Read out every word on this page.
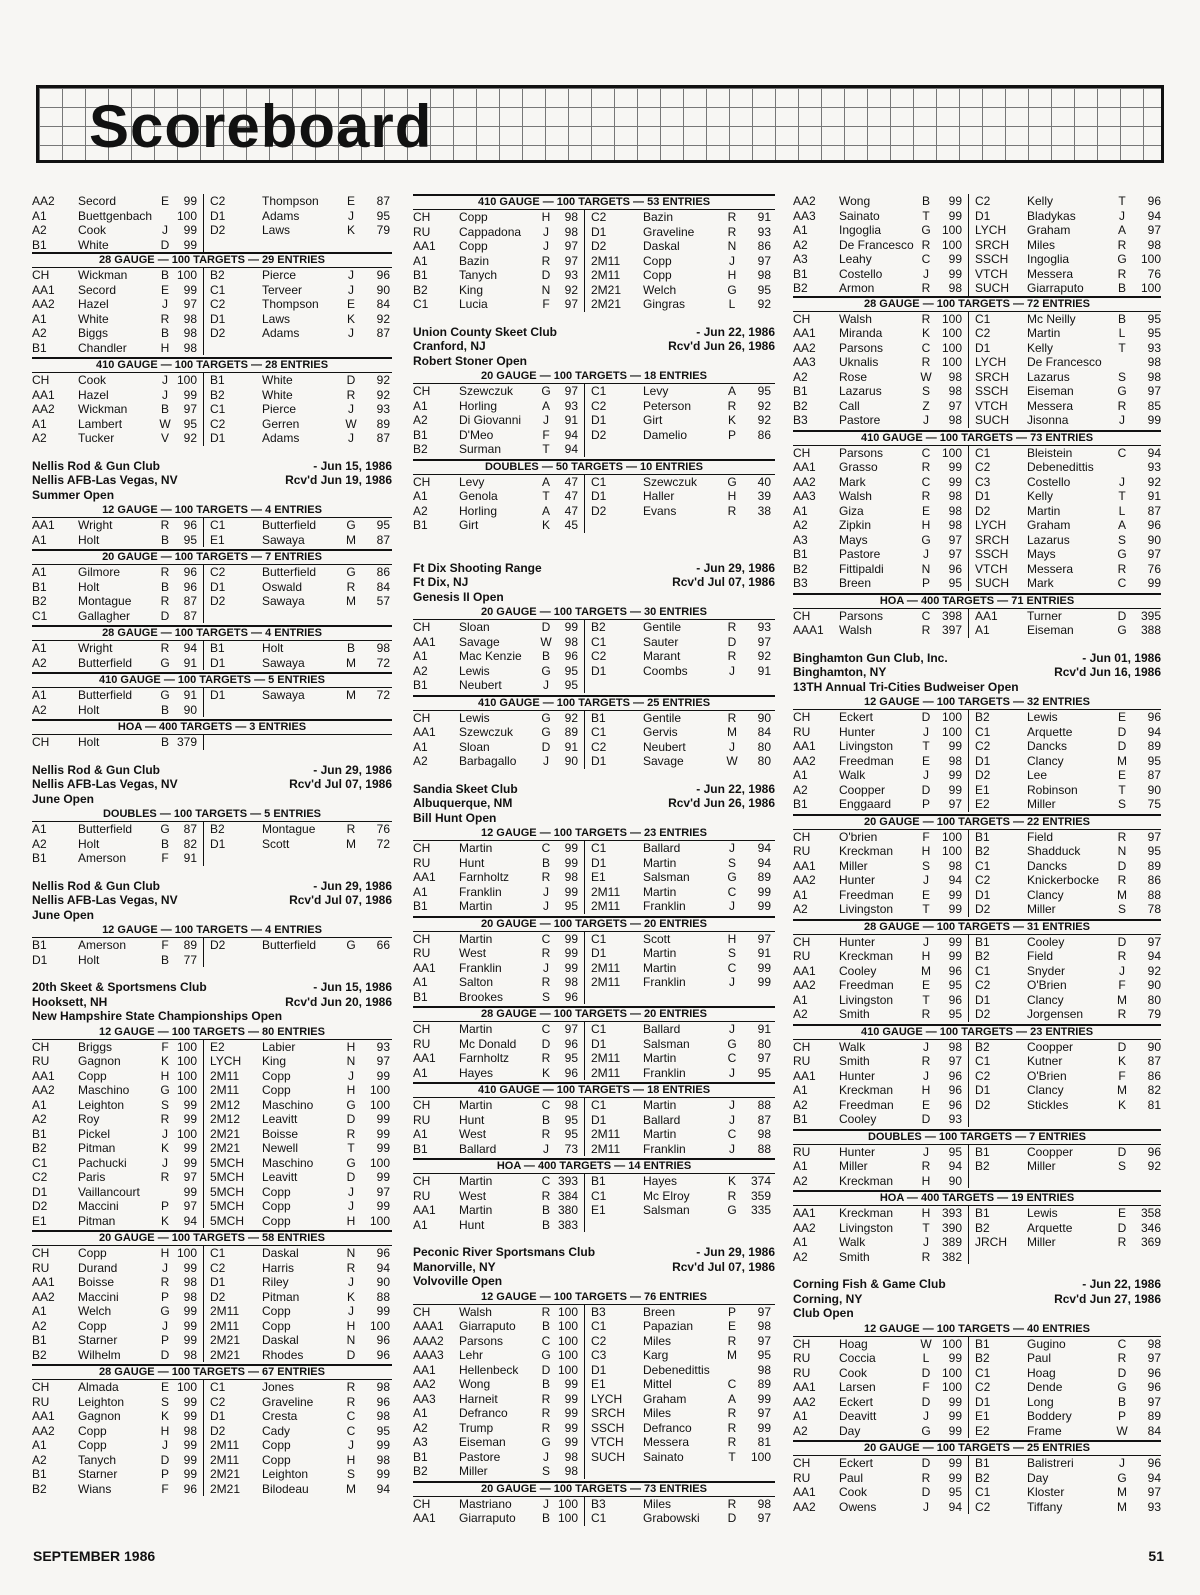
Scoreboard
AA2	Secord	E	99	C2	Thompson	E	87
A1	Buettgenbach	100	D1	Adams	J	95
A2	Cook	J	99	D2	Laws	K	79
B1	White	D	99
28 GAUGE — 100 TARGETS — 29 ENTRIES
CH	Wickman	B 100	B2	Pierce	J	96
AA1	Secord	E	99	C1	Terveer	J	90
AA2	Hazel	J	97	C2	Thompson	E	84
A1	White	R	98	D1	Laws	K	92
A2	Biggs	B	98	D2	Adams	J	87
B1	Chandler	H	98
410 GAUGE — 100 TARGETS — 28 ENTRIES
CH	Cook	J 100	B1	White	D	92
AA1	Hazel	J	99	B2	White	R	92
AA2	Wickman	B	97	C1	Pierce	J	93
A1	Lambert	W	95	C2	Gerren	W	89
A2	Tucker	V	92	D1	Adams	J	87
Nellis Rod & Gun Club	- Jun 15, 1986
Nellis AFB-Las Vegas, NV	Rcv'd Jun 19, 1986
Summer Open
12 GAUGE — 100 TARGETS — 4 ENTRIES
AA1	Wright	R	96	C1	Butterfield	G	95
A1	Holt	B	95	E1	Sawaya	M	87
20 GAUGE — 100 TARGETS — 7 ENTRIES
A1	Gilmore	R	96	C2	Butterfield	G	86
B1	Holt	B	96	D1	Oswald	R	84
B2	Montague	R	87	D2	Sawaya	M	57
C1	Gallagher	D	87
28 GAUGE — 100 TARGETS — 4 ENTRIES
A1	Wright	R	94	B1	Holt	B	98
A2	Butterfield	G	91	D1	Sawaya	M	72
410 GAUGE — 100 TARGETS — 5 ENTRIES
A1	Butterfield	G	91	D1	Sawaya	M	72
A2	Holt	B	90
HOA — 400 TARGETS — 3 ENTRIES
CH	Holt	B 379
Nellis Rod & Gun Club	- Jun 29, 1986
Nellis AFB-Las Vegas, NV	Rcv'd Jul 07, 1986
June Open
DOUBLES — 100 TARGETS — 5 ENTRIES
A1	Butterfield	G	87	B2	Montague	R	76
A2	Holt	B	82	D1	Scott	M	72
B1	Amerson	F	91
Nellis Rod & Gun Club	- Jun 29, 1986
Nellis AFB-Las Vegas, NV	Rcv'd Jul 07, 1986
June Open
12 GAUGE — 100 TARGETS — 4 ENTRIES
B1	Amerson	F	89	D2	Butterfield	G	66
D1	Holt	B	77
20th Skeet & Sportsmens Club	- Jun 15, 1986
Hooksett, NH	Rcv'd Jun 20, 1986
New Hampshire State Championships Open
12 GAUGE — 100 TARGETS — 80 ENTRIES
CH	Briggs	F 100	E2	Labier	H	93
RU	Gagnon	K 100	LYCH	King	N	97
AA1	Copp	H 100	2M11	Copp	J	99
AA2	Maschino	G 100	2M11	Copp	H	100
A1	Leighton	S	99	2M12	Maschino	G	100
A2	Roy	R	99	2M12	Leavitt	D	99
B1	Pickel	J 100	2M21	Boisse	R	99
B2	Pitman	K	99	2M21	Newell	T	99
C1	Pachucki	J	99	5MCH	Maschino	G	100
C2	Paris	R	97	5MCH	Leavitt	D	99
D1	Vaillancourt	99	5MCH	Copp	J	97
D2	Maccini	P	97	5MCH	Copp	J	99
E1	Pitman	K	94	5MCH	Copp	H	100
20 GAUGE — 100 TARGETS — 58 ENTRIES
CH	Copp	H 100	C1	Daskal	N	96
RU	Durand	J	99	C2	Harris	R	94
AA1	Boisse	R	98	D1	Riley	J	90
AA2	Maccini	P	98	D2	Pitman	K	88
A1	Welch	G	99	2M11	Copp	J	99
A2	Copp	J	99	2M11	Copp	H	100
B1	Starner	P	99	2M21	Daskal	N	96
B2	Wilhelm	D	98	2M21	Rhodes	D	96
28 GAUGE — 100 TARGETS — 67 ENTRIES
CH	Almada	E 100	C1	Jones	R	98
RU	Leighton	S	99	C2	Graveline	R	96
AA1	Gagnon	K	99	D1	Cresta	C	98
AA2	Copp	H	98	D2	Cady	C	95
A1	Copp	J	99	2M11	Copp	J	99
A2	Tanych	D	99	2M11	Copp	H	98
B1	Starner	P	99	2M21	Leighton	S	99
B2	Wians	F	96	2M21	Bilodeau	M	94
410 GAUGE — 100 TARGETS — 53 ENTRIES
CH	Copp	H	98	C2	Bazin	R	91
RU	Cappadona	J	98	D1	Graveline	R	93
AA1	Copp	J	97	D2	Daskal	N	86
A1	Bazin	R	97	2M11	Copp	J	97
B1	Tanych	D	93	2M11	Copp	H	98
B2	King	N	92	2M21	Welch	G	95
C1	Lucia	F	97	2M21	Gingras	L	92
Union County Skeet Club	- Jun 22, 1986
Cranford, NJ	Rcv'd Jun 26, 1986
Robert Stoner Open
20 GAUGE — 100 TARGETS — 18 ENTRIES
CH	Szewczuk	G	97	C1	Levy	A	95
A1	Horling	A	93	C2	Peterson	R	92
A2	Di Giovanni	J	91	D1	Girt	K	92
B1	D'Meo	F	94	D2	Damelio	P	86
B2	Surman	T	94
DOUBLES — 50 TARGETS — 10 ENTRIES
CH	Levy	A	47	C1	Szewczuk	G	40
A1	Genola	T	47	D1	Haller	H	39
A2	Horling	A	47	D2	Evans	R	38
B1	Girt	K	45
Ft Dix Shooting Range	- Jun 29, 1986
Ft Dix, NJ	Rcv'd Jul 07, 1986
Genesis II Open
20 GAUGE — 100 TARGETS — 30 ENTRIES
CH	Sloan	D	99	B2	Gentile	R	93
AA1	Savage	W	98	C1	Sauter	D	97
A1	Mac Kenzie	B	96	C2	Marant	R	92
A2	Lewis	G	95	D1	Coombs	J	91
B1	Neubert	J	95
410 GAUGE — 100 TARGETS — 25 ENTRIES
CH	Lewis	G	92	B1	Gentile	R	90
AA1	Szewczuk	G	89	C1	Gervis	M	84
A1	Sloan	D	91	C2	Neubert	J	80
A2	Barbagallo	J	90	D1	Savage	W	80
Sandia Skeet Club	- Jun 22, 1986
Albuquerque, NM	Rcv'd Jun 26, 1986
Bill Hunt Open
12 GAUGE — 100 TARGETS — 23 ENTRIES
CH	Martin	C	99	C1	Ballard	J	94
RU	Hunt	B	99	D1	Martin	S	94
AA1	Farnholtz	R	98	E1	Salsman	G	89
A1	Franklin	J	99	2M11	Martin	C	99
B1	Martin	J	95	2M11	Franklin	J	99
20 GAUGE — 100 TARGETS — 20 ENTRIES
CH	Martin	C	99	C1	Scott	H	97
RU	West	R	99	D1	Martin	S	91
AA1	Franklin	J	99	2M11	Martin	C	99
A1	Salton	R	98	2M11	Franklin	J	99
B1	Brookes	S	96
28 GAUGE — 100 TARGETS — 20 ENTRIES
CH	Martin	C	97	C1	Ballard	J	91
RU	Mc Donald	D	96	D1	Salsman	G	80
AA1	Farnholtz	R	95	2M11	Martin	C	97
A1	Hayes	K	96	2M11	Franklin	J	95
410 GAUGE — 100 TARGETS — 18 ENTRIES
CH	Martin	C	98	C1	Martin	J	88
RU	Hunt	B	95	D1	Ballard	J	87
A1	West	R	95	2M11	Martin	C	98
B1	Ballard	J	73	2M11	Franklin	J	88
HOA — 400 TARGETS — 14 ENTRIES
CH	Martin	C 393	B1	Hayes	K	374
RU	West	R 384	C1	Mc Elroy	R	359
AA1	Martin	B 380	E1	Salsman	G	335
A1	Hunt	B 383
Peconic River Sportsmans Club	- Jun 29, 1986
Manorville, NY	Rcv'd Jul 07, 1986
Volvoville Open
12 GAUGE — 100 TARGETS — 76 ENTRIES
CH	Walsh	R 100	B3	Breen	P	97
AAA1	Giarraputo	B 100	C1	Papazian	E	98
AAA2	Parsons	C 100	C2	Miles	R	97
AAA3	Lehr	G 100	C3	Karg	M	95
AA1	Hellenbeck	D 100	D1	Debenedittis	98
AA2	Wong	B	99	E1	Mittel	C	89
AA3	Harneit	R	99	LYCH	Graham	A	99
A1	Defranco	R	99	SRCH	Miles	R	97
A2	Trump	R	99	SSCH	Defranco	R	99
A3	Eiseman	G	99	VTCH	Messera	R	81
B1	Pastore	J	98	SUCH	Sainato	T	100
B2	Miller	S	98
20 GAUGE — 100 TARGETS — 73 ENTRIES
CH	Mastriano	J 100	B3	Miles	R	98
AA1	Giarraputo	B 100	C1	Grabowski	D	97
AA2	Wong	B	99	C2	Kelly	T	96
AA3	Sainato	T	99	D1	Bladykas	J	94
A1	Ingoglia	G 100	LYCH	Graham	A	97
A2	De Francesco R 100	SRCH	Miles	R	98
A3	Leahy	C	99	SSCH	Ingoglia	G	100
B1	Costello	J	99	VTCH	Messera	R	76
B2	Armon	R	98	SUCH	Giarraputo	B	100
28 GAUGE — 100 TARGETS — 72 ENTRIES
CH	Walsh	R 100	C1	Mc Neilly	B	95
AA1	Miranda	K 100	C2	Martin	L	95
AA2	Parsons	C 100	D1	Kelly	T	93
AA3	Uknalis	R 100	LYCH	De Francesco	98
A2	Rose	W	98	SRCH	Lazarus	S	98
B1	Lazarus	S	98	SSCH	Eiseman	G	97
B2	Call	Z	97	VTCH	Messera	R	85
B3	Pastore	J	98	SUCH	Jisonna	J	99
410 GAUGE — 100 TARGETS — 73 ENTRIES
CH	Parsons	C 100	C1	Bleistein	C	94
AA1	Grasso	R	99	C2	Debenedittis	93
AA2	Mark	C	99	C3	Costello	J	92
AA3	Walsh	R	98	D1	Kelly	T	91
A1	Giza	E	98	D2	Martin	L	87
A2	Zipkin	H	98	LYCH	Graham	A	96
A3	Mays	G	97	SRCH	Lazarus	S	90
B1	Pastore	J	97	SSCH	Mays	G	97
B2	Fittipaldi	N	96	VTCH	Messera	R	76
B3	Breen	P	95	SUCH	Mark	C	99
HOA — 400 TARGETS — 71 ENTRIES
CH	Parsons	C 398	AA1	Turner	D	395
AAA1	Walsh	R 397	A1	Eiseman	G	388
Binghamton Gun Club, Inc.	- Jun 01, 1986
Binghamton, NY	Rcv'd Jun 16, 1986
13TH Annual Tri-Cities Budweiser Open
12 GAUGE — 100 TARGETS — 32 ENTRIES
CH	Eckert	D 100	B2	Lewis	E	96
RU	Hunter	J	100	C1	Arquette	D	94
AA1	Livingston	T	99	C2	Dancks	D	89
AA2	Freedman	E	98	D1	Clancy	M	95
A1	Walk	J	99	D2	Lee	E	87
A2	Coopper	D	99	E1	Robinson	T	90
B1	Enggaard	P	97	E2	Miller	S	75
20 GAUGE — 100 TARGETS — 22 ENTRIES
CH	O'brien	F	100	B1	Field	R	97
RU	Kreckman	H 100	B2	Shadduck	N	95
AA1	Miller	S	98	C1	Dancks	D	89
AA2	Hunter	J	94	C2	Knickerbocke	R	86
A1	Freedman	E	99	D1	Clancy	M	88
A2	Livingston	T	99	D2	Miller	S	78
28 GAUGE — 100 TARGETS — 31 ENTRIES
CH	Hunter	J	99	B1	Cooley	D	97
RU	Kreckman	H	99	B2	Field	R	94
AA1	Cooley	M	96	C1	Snyder	J	92
AA2	Freedman	E	95	C2	O'Brien	F	90
A1	Livingston	T	96	D1	Clancy	M	80
A2	Smith	R	95	D2	Jorgensen	R	79
410 GAUGE — 100 TARGETS — 23 ENTRIES
CH	Walk	J	98	B2	Coopper	D	90
RU	Smith	R	97	C1	Kutner	K	87
AA1	Hunter	J	96	C2	O'Brien	F	86
A1	Kreckman	H	96	D1	Clancy	M	82
A2	Freedman	E	96	D2	Stickles	K	81
B1	Cooley	D	93
DOUBLES — 100 TARGETS — 7 ENTRIES
RU	Hunter	J	95	B1	Coopper	D	96
A1	Miller	R	94	B2	Miller	S	92
A2	Kreckman	H	90
HOA — 400 TARGETS — 19 ENTRIES
AA1	Kreckman	H 393	B1	Lewis	E	358
AA2	Livingston	T	390	B2	Arquette	D	346
A1	Walk	J	389	JRCH	Miller	R	369
A2	Smith	R 382
Corning Fish & Game Club	- Jun 22, 1986
Corning, NY	Rcv'd Jun 27, 1986
Club Open
12 GAUGE — 100 TARGETS — 40 ENTRIES
CH	Hoag	W 100	B1	Gugino	C	98
RU	Coccia	L	99	B2	Paul	R	97
RU	Cook	D 100	C1	Hoag	D	96
AA1	Larsen	F	100	C2	Dende	G	96
AA2	Eckert	D	99	D1	Long	B	97
A1	Deavitt	J	99	E1	Boddery	P	89
A2	Day	G	99	E2	Frame	W	84
20 GAUGE — 100 TARGETS — 25 ENTRIES
CH	Eckert	D	99	B1	Balistreri	J	96
RU	Paul	R	99	B2	Day	G	94
AA1	Cook	D	95	C1	Kloster	M	97
AA2	Owens	J	94	C2	Tiffany	M	93
SEPTEMBER 1986	51
